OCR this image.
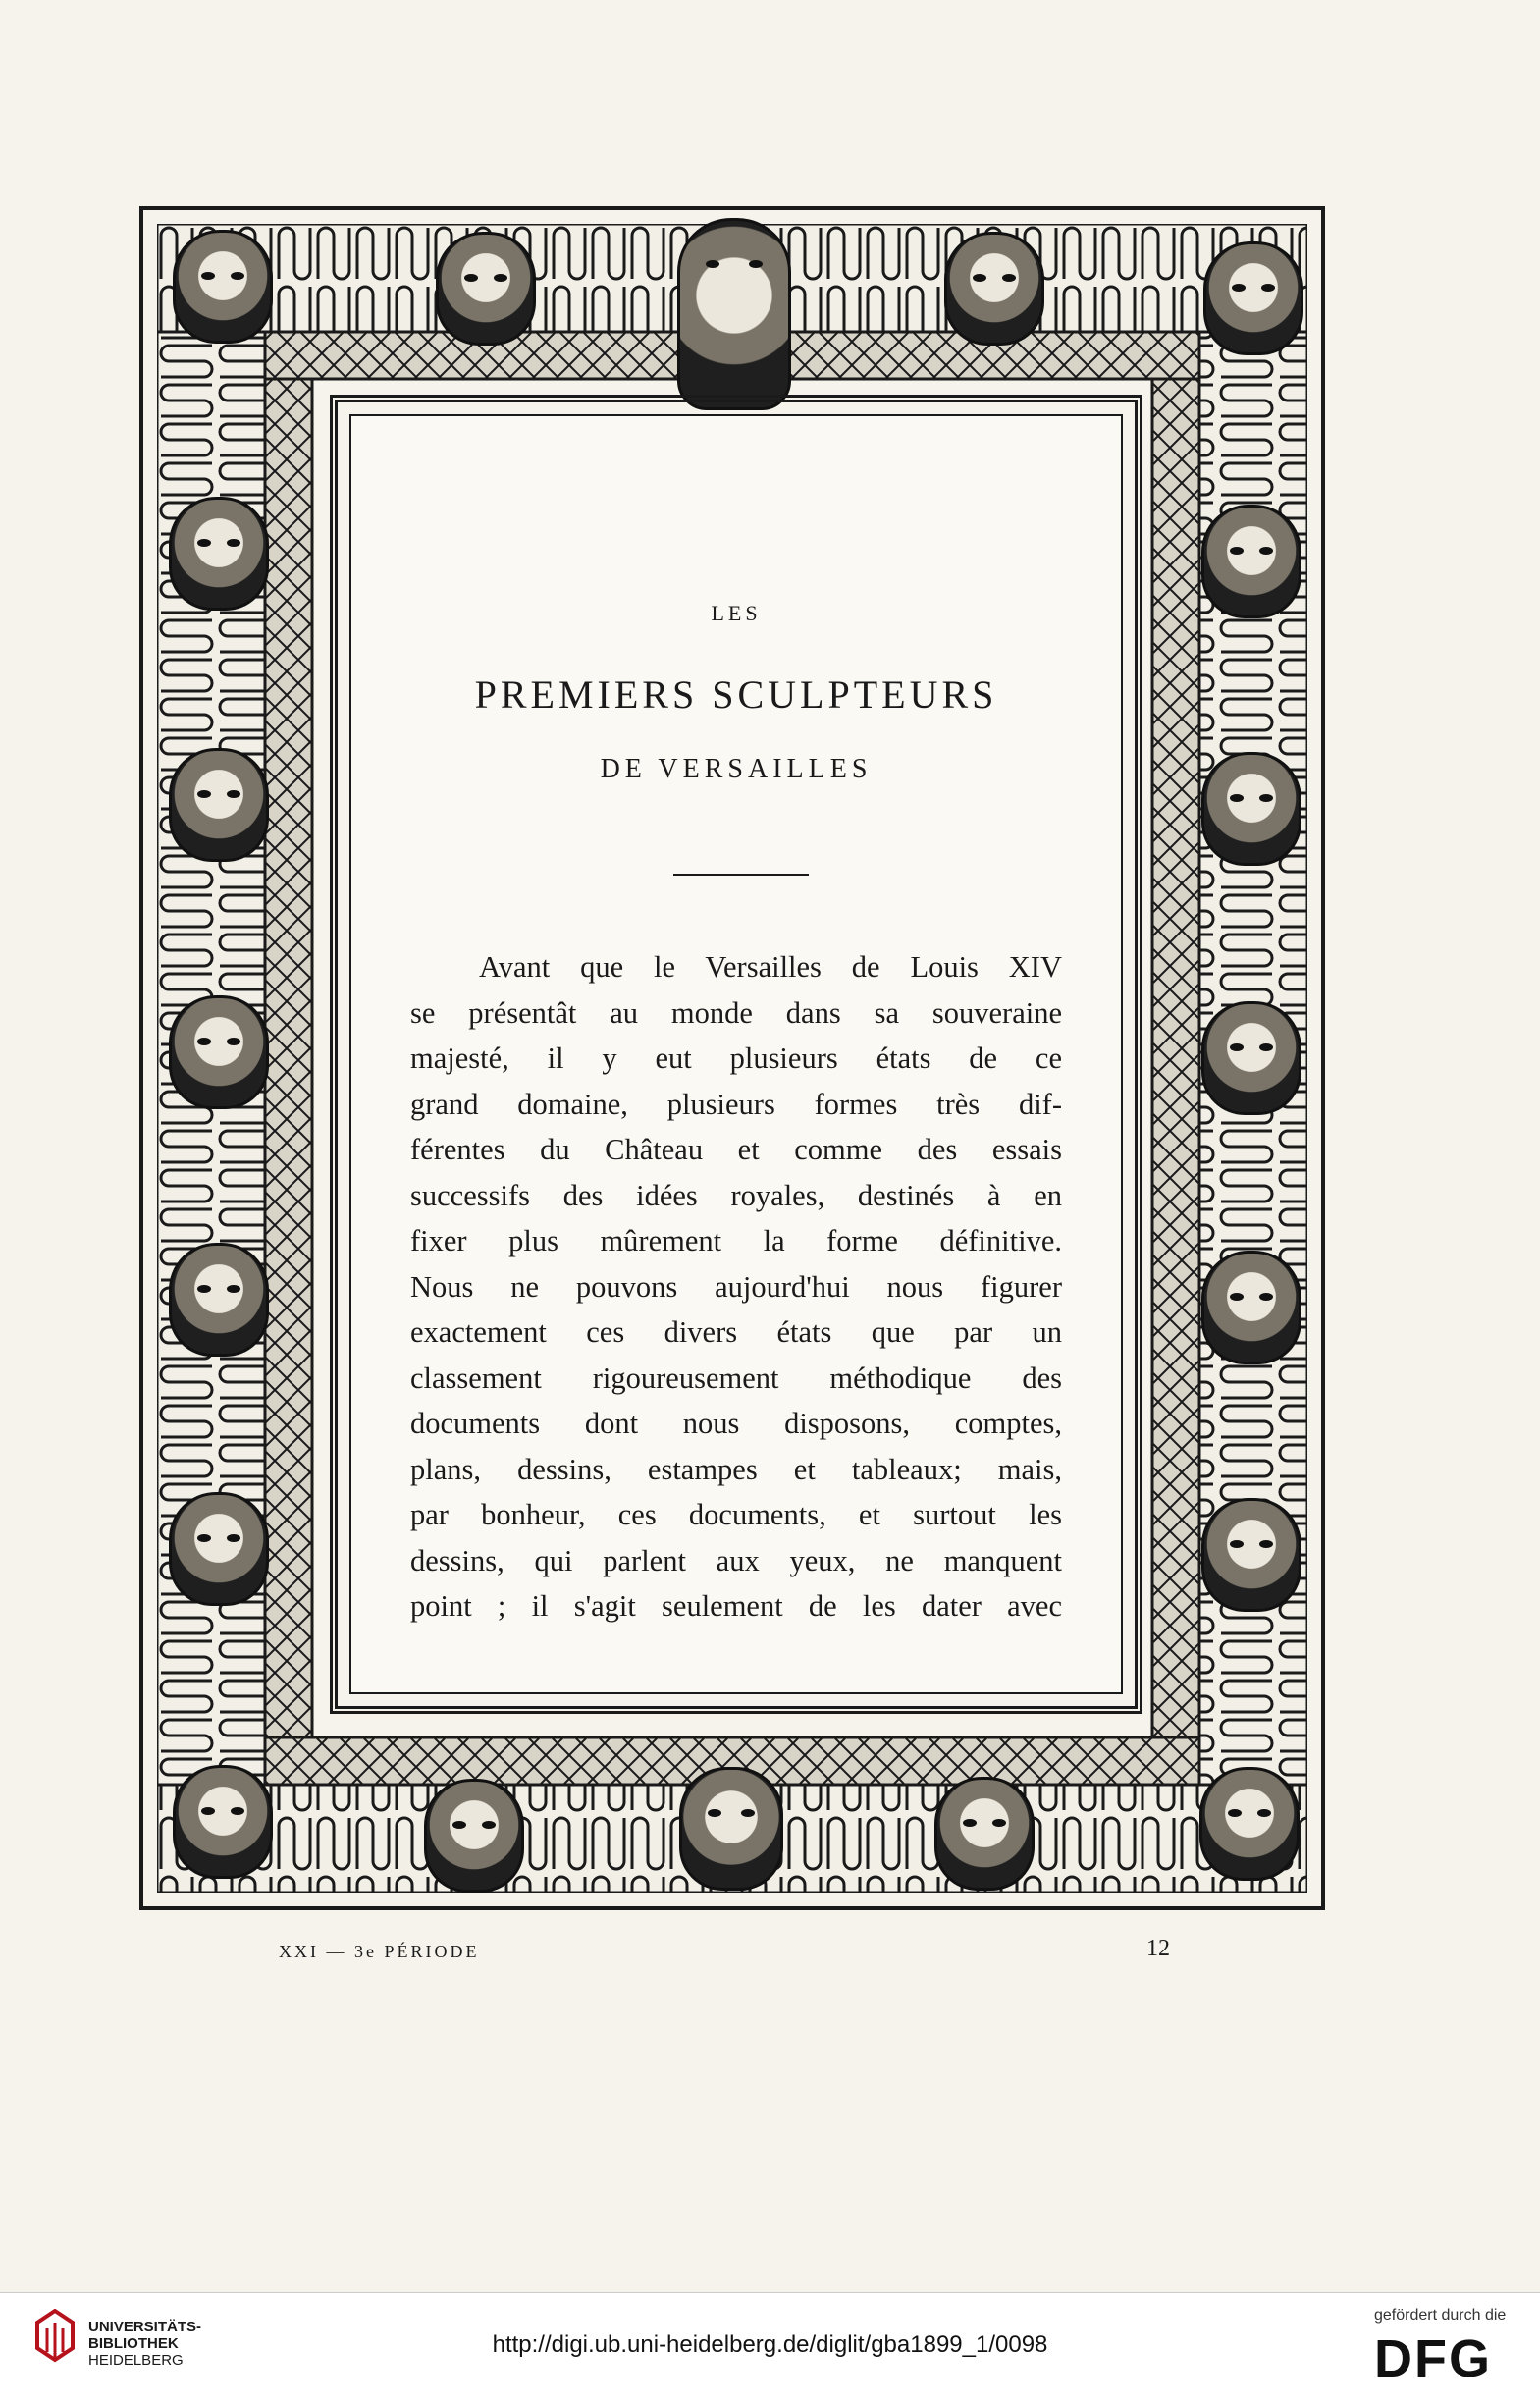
LES
PREMIERS SCULPTEURS
DE VERSAILLES
Avant que le Versailles de Louis XIV
se présentât au monde dans sa souveraine
majesté, il y eut plusieurs états de ce
grand domaine, plusieurs formes très dif-
férentes du Château et comme des essais
successifs des idées royales, destinés à en
fixer plus mûrement la forme définitive.
Nous ne pouvons aujourd'hui nous figurer
exactement ces divers états que par un
classement rigoureusement méthodique des
documents dont nous disposons, comptes,
plans, dessins, estampes et tableaux; mais,
par bonheur, ces documents, et surtout les
dessins, qui parlent aux yeux, ne manquent
point ; il s'agit seulement de les dater avec
XXI — 3e PÉRIODE	12
UNIVERSITÄTS-
BIBLIOTHEK
HEIDELBERG
http://digi.ub.uni-heidelberg.de/diglit/gba1899_1/0098
gefördert durch die
DFG
